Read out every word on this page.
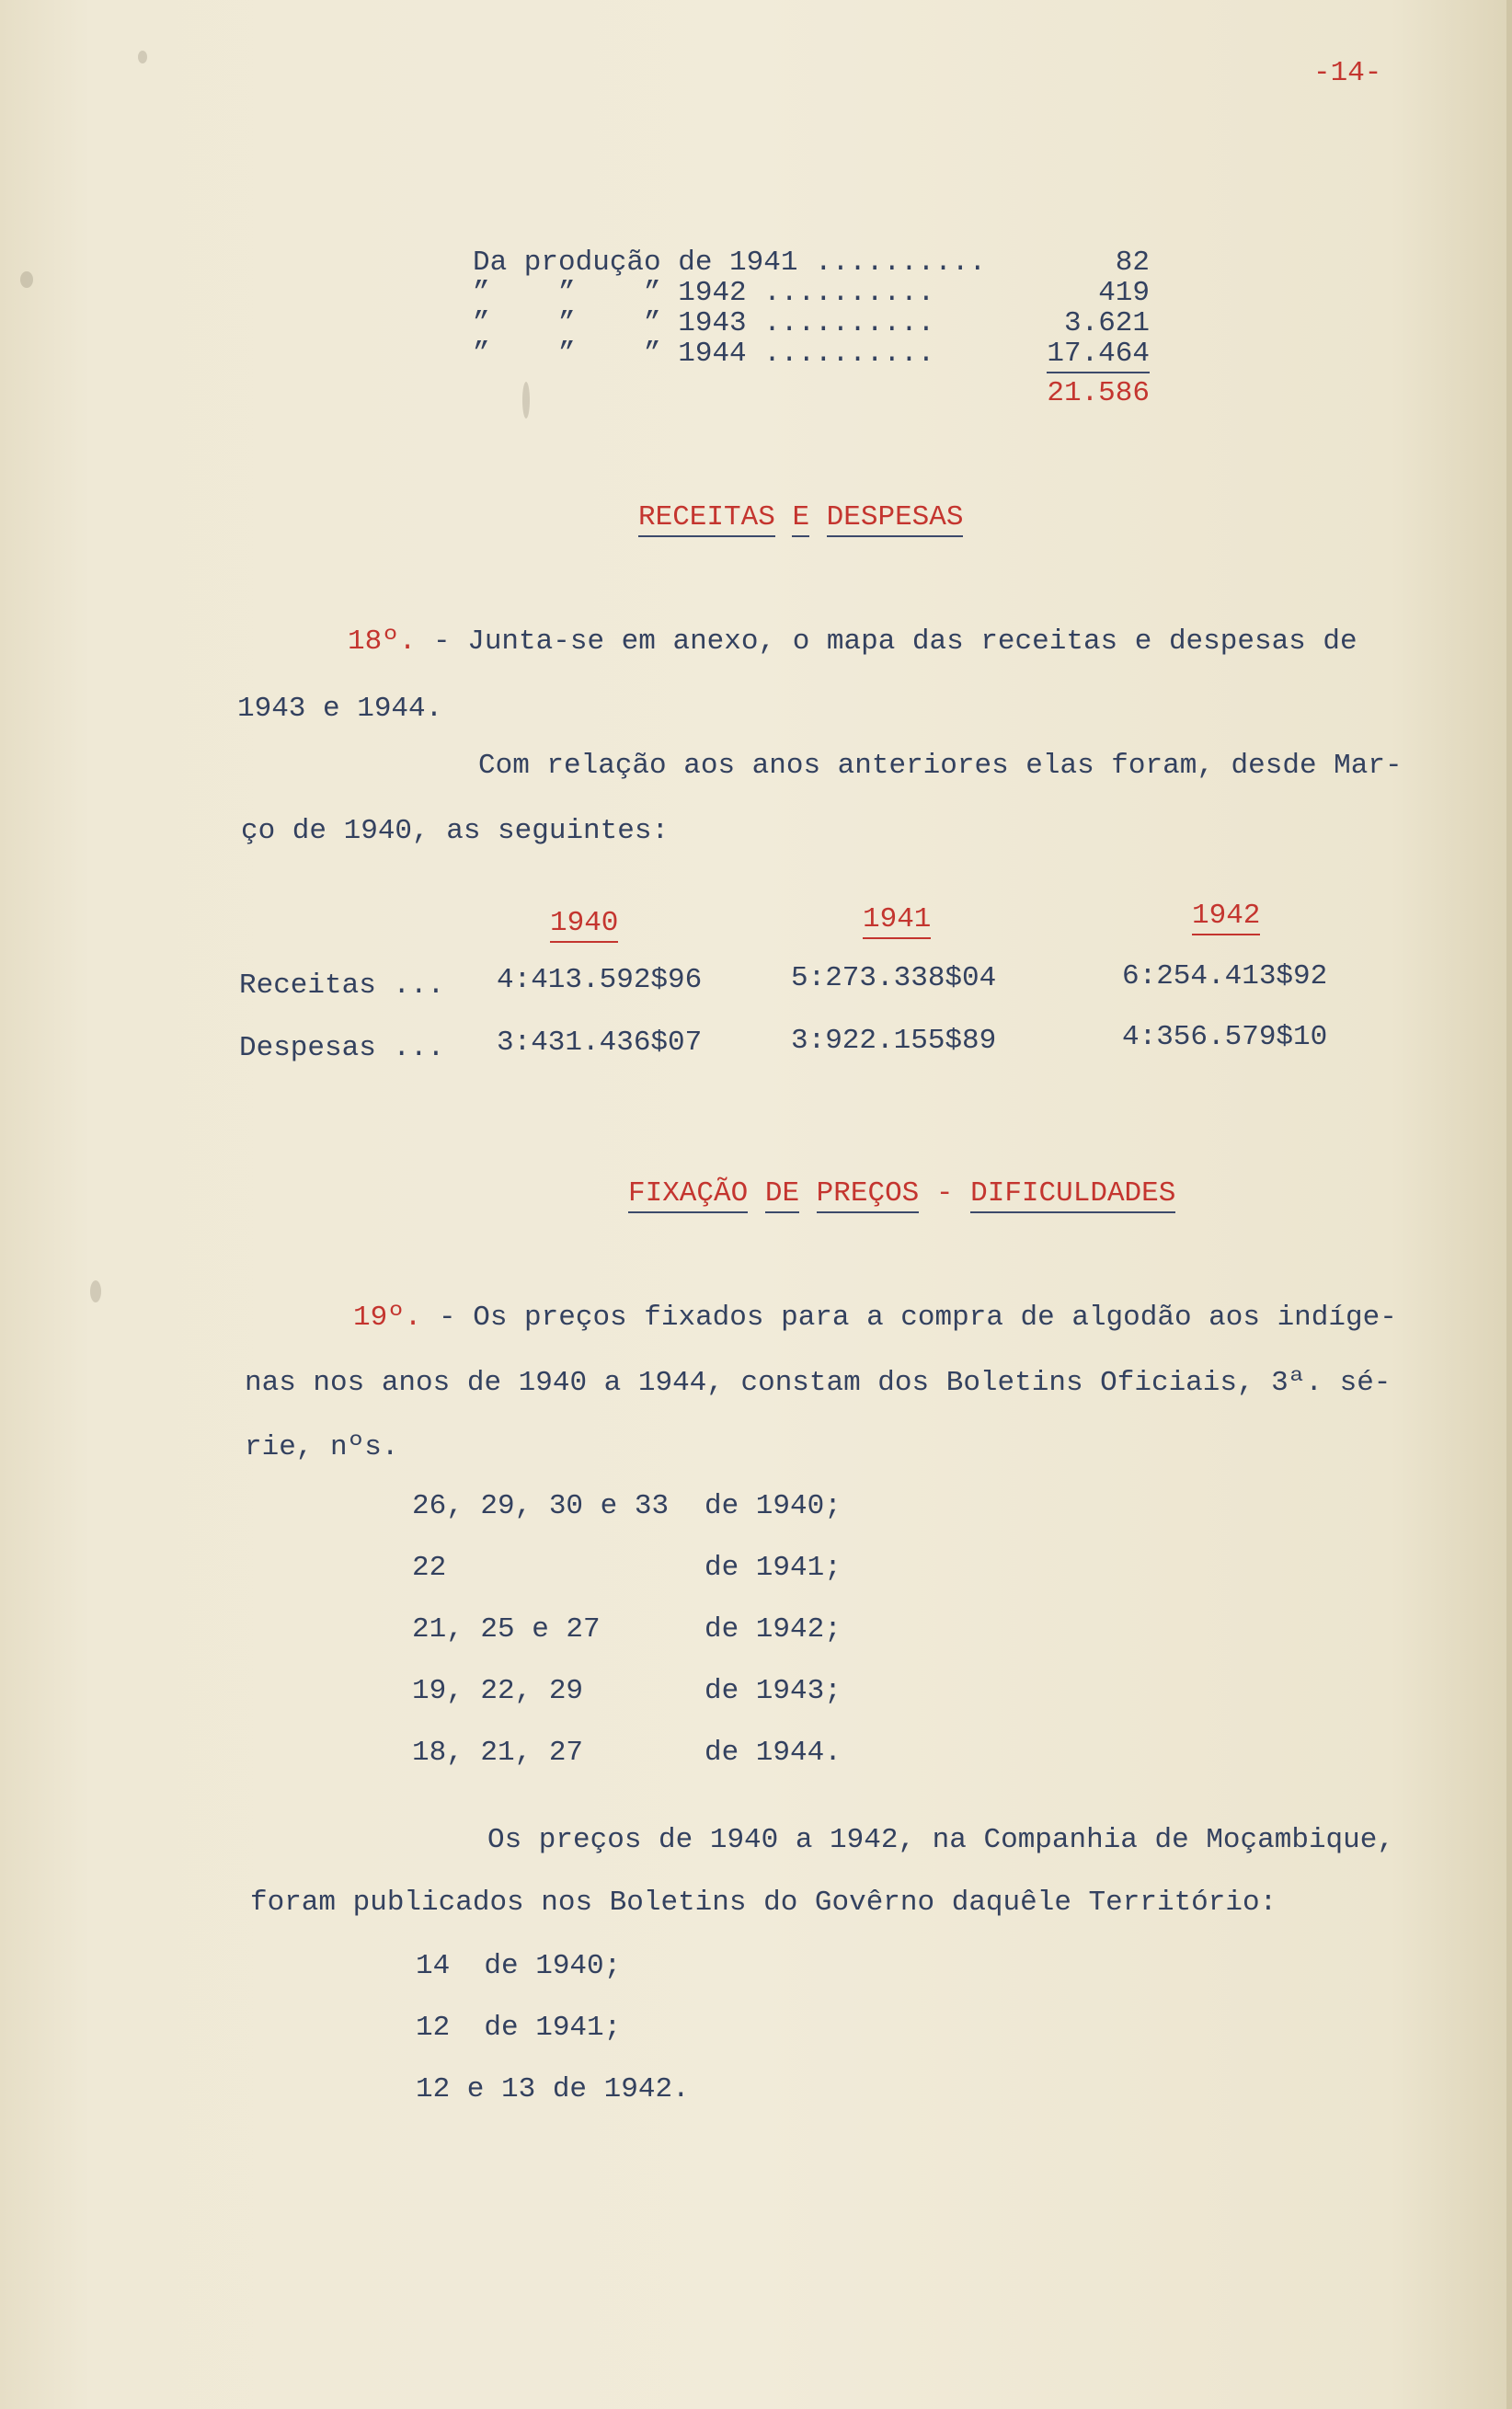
-14-
Da produção de 1941 ..........	82
”    ”    ” 1942 ..........	419
”    ”    ” 1943 ..........	3.621
”    ”    ” 1944 ..........	17.464
21.586
RECEITAS E DESPESAS
18º. - Junta-se em anexo, o mapa das receitas e despesas de
1943 e 1944.
Com relação aos anos anteriores elas foram, desde Mar-
ço de 1940, as seguintes:
1940	1941	1942
Receitas ... 4:413.592$96	5:273.338$04	6:254.413$92
Despesas ... 3:431.436$07	3:922.155$89	4:356.579$10
FIXAÇÃO DE PREÇOS - DIFICULDADES
19º. - Os preços fixados para a compra de algodão aos indíge-
nas nos anos de 1940 a 1944, constam dos Boletins Oficiais, 3ª. sé-
rie, nºs.
26, 29, 30 e 33 de 1940;
22	de 1941;
21, 25 e 27	de 1942;
19, 22, 29	de 1943;
18, 21, 27	de 1944.
Os preços de 1940 a 1942, na Companhia de Moçambique,
foram publicados nos Boletins do Govêrno daquêle Território:
14  de 1940;
12  de 1941;
12 e 13 de 1942.
